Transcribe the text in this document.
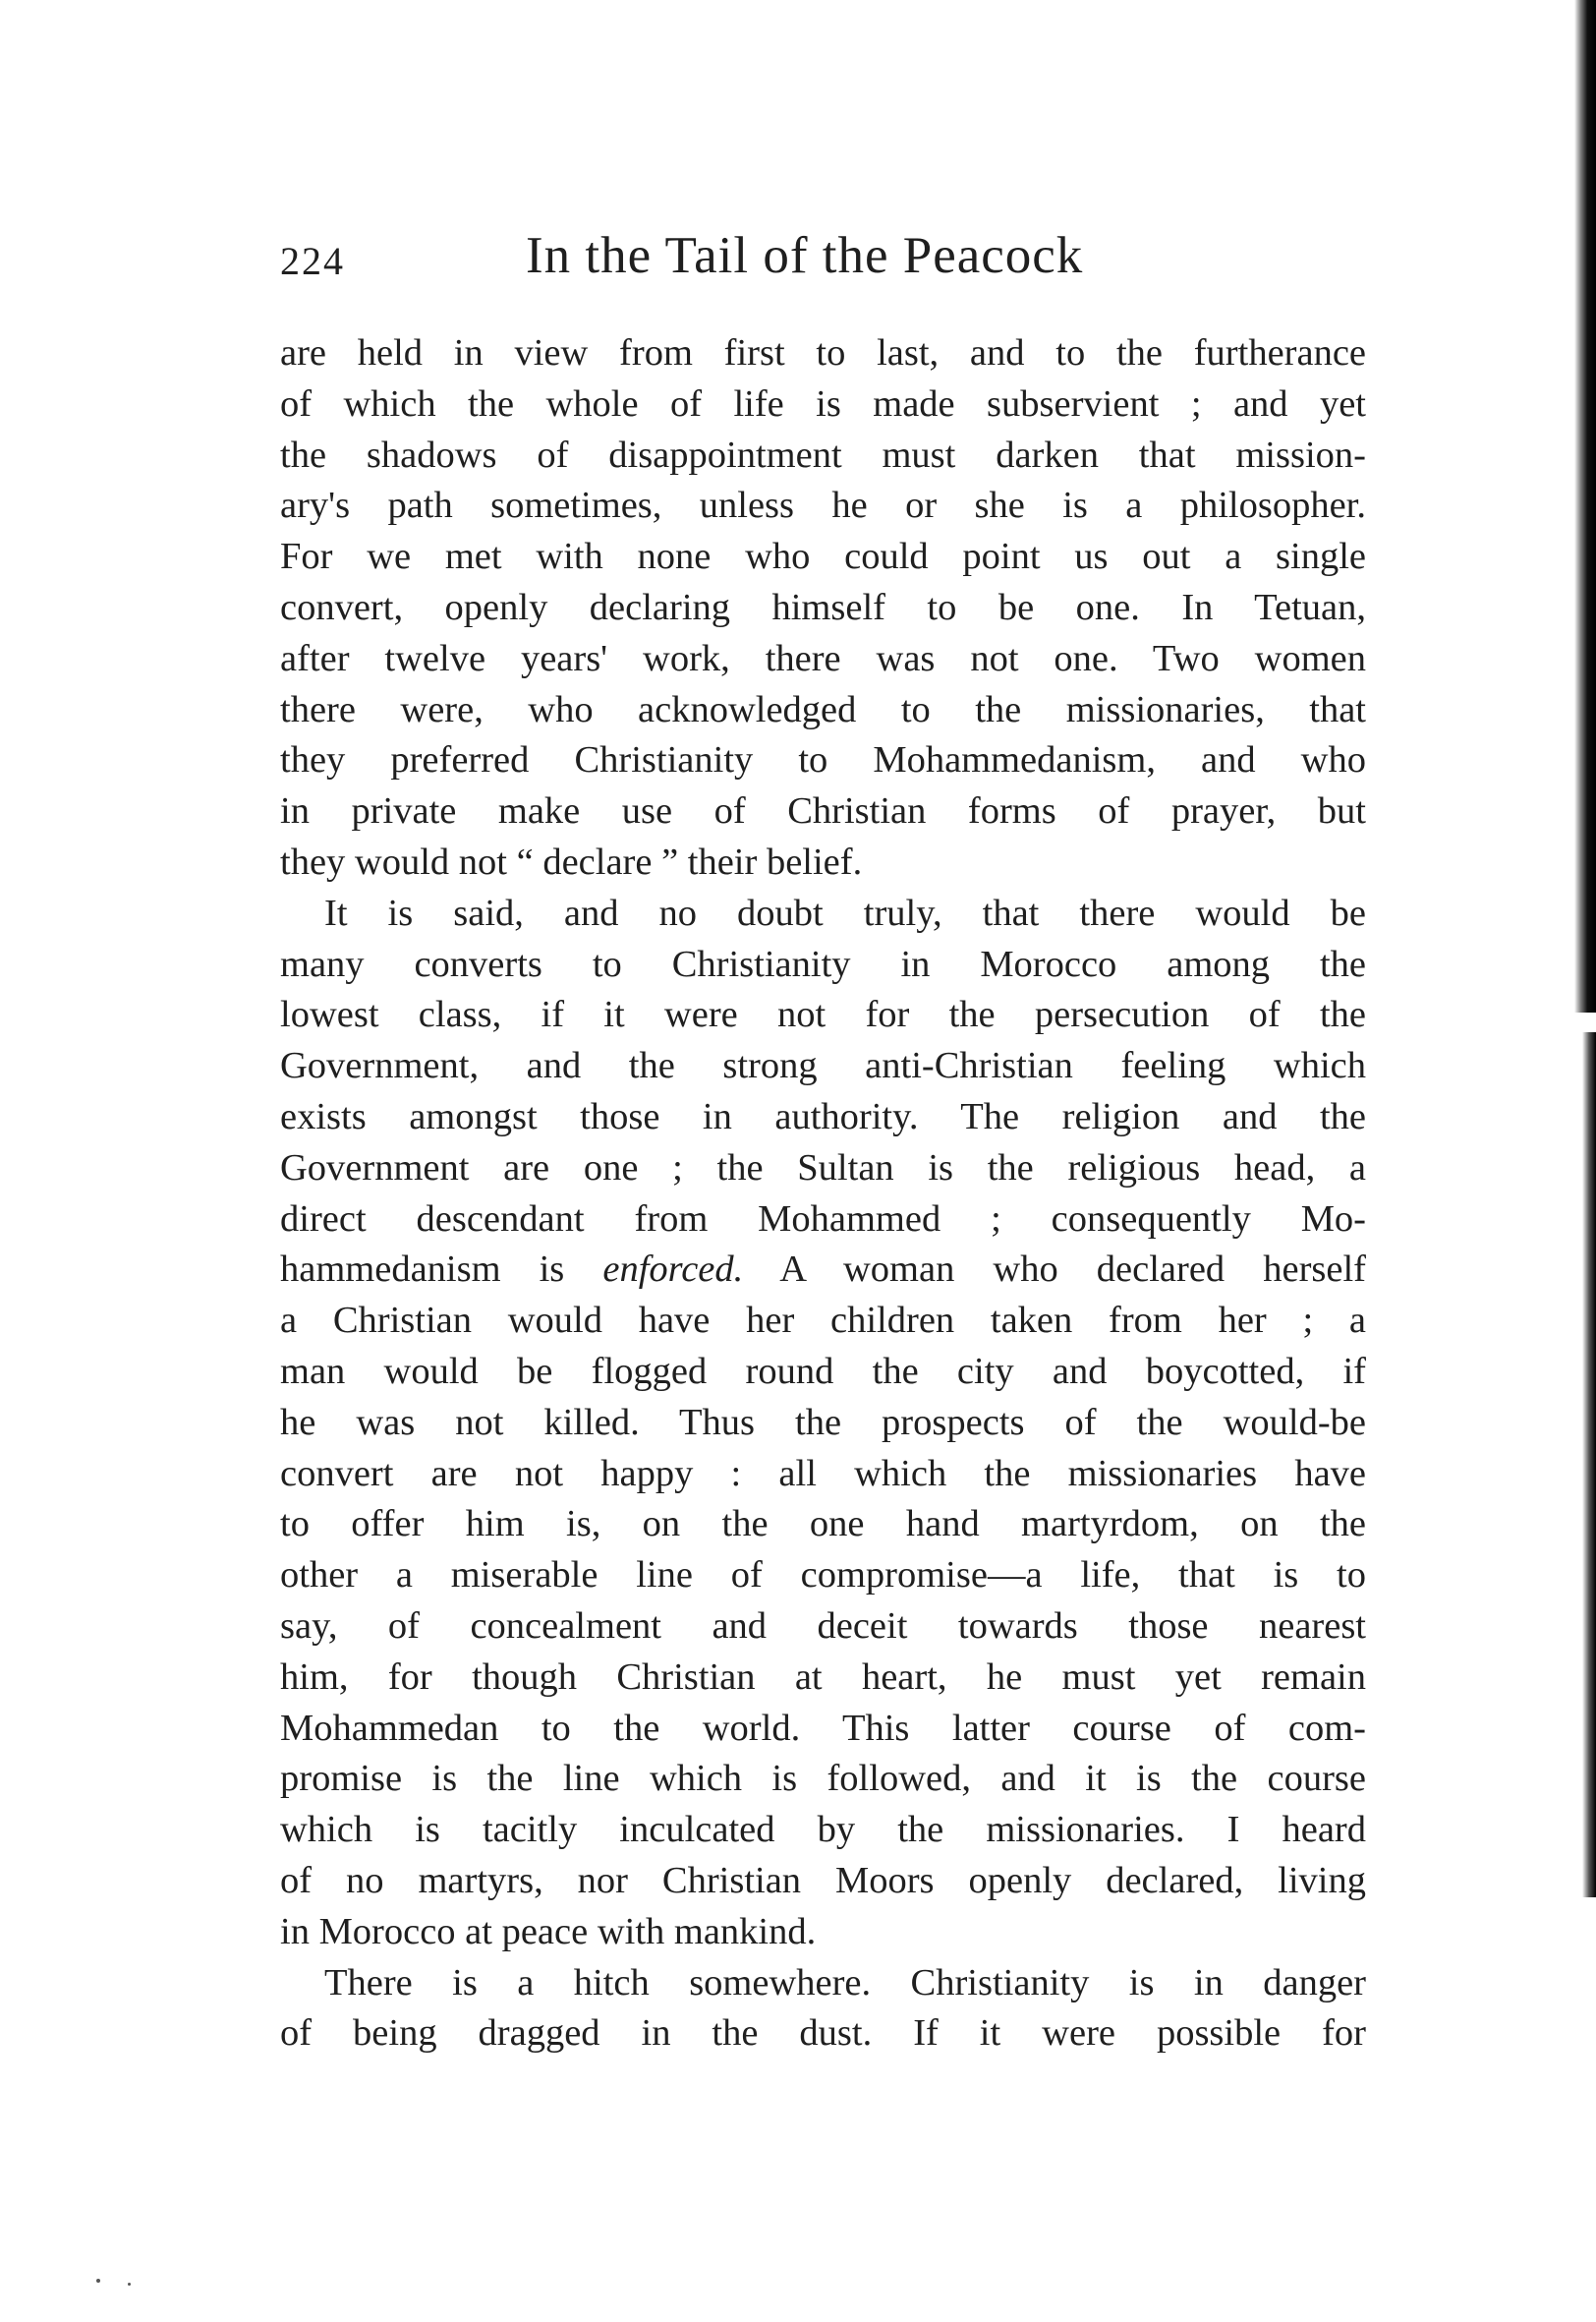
224	In the Tail of the Peacock
are held in view from first to last, and to the furtherance
of which the whole of life is made subservient ; and yet
the shadows of disappointment must darken that mission-
ary's path sometimes, unless he or she is a philosopher.
For we met with none who could point us out a single
convert, openly declaring himself to be one. In Tetuan,
after twelve years' work, there was not one. Two women
there were, who acknowledged to the missionaries, that
they preferred Christianity to Mohammedanism, and who
in private make use of Christian forms of prayer, but
they would not “ declare ” their belief.
It is said, and no doubt truly, that there would be
many converts to Christianity in Morocco among the
lowest class, if it were not for the persecution of the
Government, and the strong anti-Christian feeling which
exists amongst those in authority. The religion and the
Government are one ; the Sultan is the religious head, a
direct descendant from Mohammed ; consequently Mo-
hammedanism is enforced. A woman who declared herself
a Christian would have her children taken from her ; a
man would be flogged round the city and boycotted, if
he was not killed. Thus the prospects of the would-be
convert are not happy : all which the missionaries have
to offer him is, on the one hand martyrdom, on the
other a miserable line of compromise—a life, that is to
say, of concealment and deceit towards those nearest
him, for though Christian at heart, he must yet remain
Mohammedan to the world. This latter course of com-
promise is the line which is followed, and it is the course
which is tacitly inculcated by the missionaries. I heard
of no martyrs, nor Christian Moors openly declared, living
in Morocco at peace with mankind.
There is a hitch somewhere. Christianity is in danger
of being dragged in the dust. If it were possible for
